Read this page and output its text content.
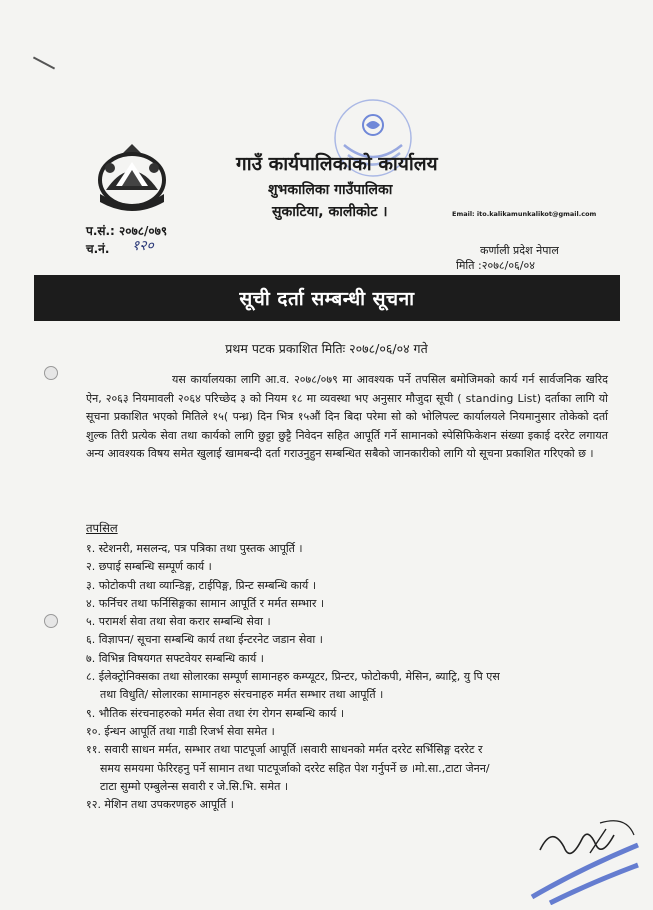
गाउँ कार्यपालिकाको कार्यालय
शुभकालिका गाउँपालिका
सुकाटिया, कालीकोट ।	Email: ito.kalikamunkalikot@gmail.com
प.सं.: २०७८/०७९
च.नं. १२०	कर्णाली प्रदेश नेपाल
मिति :२०७८/०६/०४
सूची दर्ता सम्बन्धी सूचना
प्रथम पटक प्रकाशित मितिः २०७८/०६/०४ गते
यस कार्यालयका लागि आ.व. २०७८/०७९ मा आवश्यक पर्ने तपसिल बमोजिमको कार्य गर्न सार्वजनिक खरिद ऐन, २०६३ नियमावली २०६४ परिच्छेद ३ को नियम १८ मा व्यवस्था भए अनुसार मौजुदा सूची ( standing List) दर्ताका लागि यो सूचना प्रकाशित भएको मितिले १५( पन्ध्र) दिन भित्र १५औं दिन बिदा परेमा सो को भोलिपल्ट कार्यालयले नियमानुसार तोकेको दर्ता शुल्क तिरी प्रत्येक सेवा तथा कार्यको लागि छुट्टा छुट्टै निवेदन सहित आपूर्ति गर्ने सामानको स्पेसिफिकेशन संख्या इकाई दररेट लगायत अन्य आवश्यक विषय समेत खुलाई खामबन्दी दर्ता गराउनुहुन सम्बन्धित सबैको जानकारीको लागि यो सूचना प्रकाशित गरिएको छ ।
तपसिल
१. स्टेशनरी, मसलन्द, पत्र पत्रिका तथा पुस्तक आपूर्ति ।
२. छपाई सम्बन्धि सम्पूर्ण कार्य ।
३. फोटोकपी तथा व्यान्डिङ्ग, टाईपिङ्ग, प्रिन्ट सम्बन्धि कार्य ।
४. फर्निचर तथा फर्निसिङ्गका सामान आपूर्ति र मर्मत सम्भार ।
५. परामर्श सेवा तथा सेवा करार सम्बन्धि सेवा ।
६. विज्ञापन/ सूचना सम्बन्धि कार्य तथा ईन्टरनेट जडान सेवा ।
७. विभिन्न विषयगत सफ्टवेयर सम्बन्धि कार्य ।
८. ईलेक्ट्रोनिक्सका तथा सोलारका सम्पूर्ण सामानहरु कम्प्यूटर, प्रिन्टर, फोटोकपी, मेसिन, ब्याट्रि, यु पि एस
तथा विधुति/ सोलारका सामानहरु संरचनाहरु मर्मत सम्भार तथा आपूर्ति ।
९. भौतिक संरचनाहरुको मर्मत सेवा तथा रंग रोगन सम्बन्धि कार्य ।
१०. ईन्धन आपूर्ति तथा गाडी रिजर्भ सेवा समेत ।
११. सवारी साधन मर्मत, सम्भार तथा पाटपूर्जा आपूर्ति ।सवारी साधनको मर्मत दररेट सर्भिसिङ्ग दररेट र
समय समयमा फेरिरहनु पर्ने सामान तथा पाटपूर्जाको दररेट सहित पेश गर्नुपर्ने छ ।मो.सा.,टाटा जेनन/
टाटा सुम्मो एम्बुलेन्स सवारी र जे.सि.भि. समेत ।
१२. मेशिन तथा उपकरणहरु आपूर्ति ।
